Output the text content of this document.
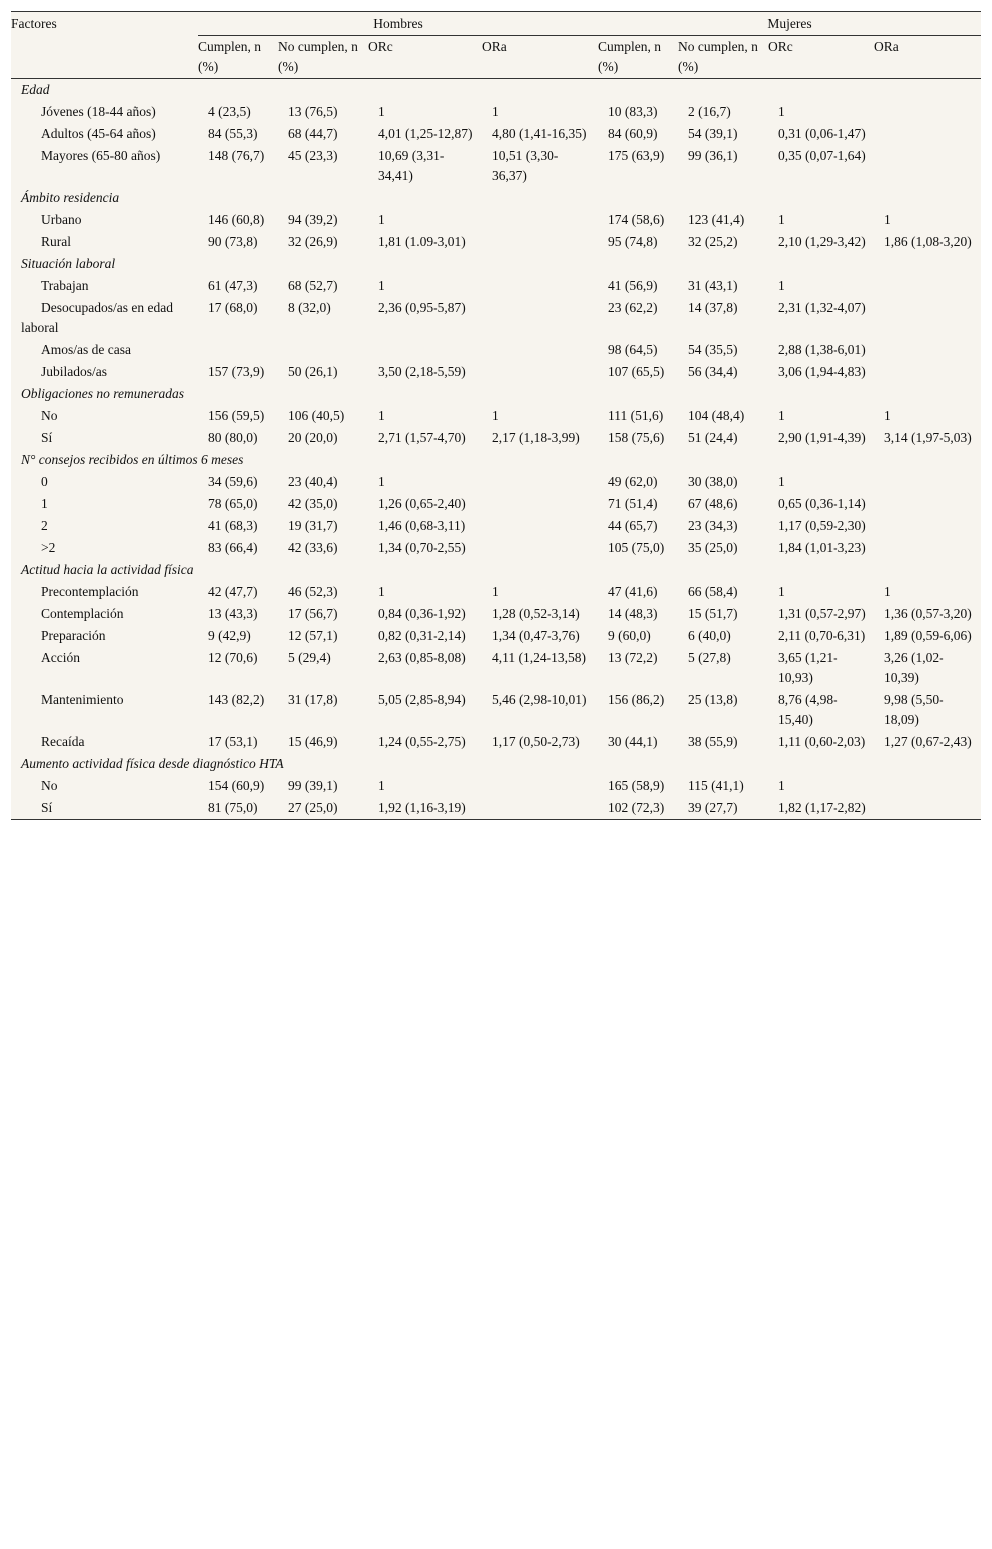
Factores	Hombres				Mujeres			
	Cumplen, n (%)	No cumplen, n (%)	ORc	ORa	Cumplen, n (%)	No cumplen, n (%)	ORc	ORa
Edad								

Jóvenes (18-44 años)	4 (23,5)	13 (76,5)	1	1	10 (83,3)	2 (16,7)	1	

Adultos (45-64 años)	84 (55,3)	68 (44,7)	4,01 (1,25-12,87)	4,80 (1,41-16,35)	84 (60,9)	54 (39,1)	0,31 (0,06-1,47)	

Mayores (65-80 años)	148 (76,7)	45 (23,3)	10,69 (3,31-34,41)	10,51 (3,30-36,37)	175 (63,9)	99 (36,1)	0,35 (0,07-1,64)	
Ámbito residencia								

Urbano	146 (60,8)	94 (39,2)	1		174 (58,6)	123 (41,4)	1	1

Rural	90 (73,8)	32 (26,9)	1,81 (1.09-3,01)		95 (74,8)	32 (25,2)	2,10 (1,29-3,42)	1,86 (1,08-3,20)
Situación laboral								

Trabajan	61 (47,3)	68 (52,7)	1		41 (56,9)	31 (43,1)	1	

Desocupados/as en edad laboral	17 (68,0)	8 (32,0)	2,36 (0,95-5,87)		23 (62,2)	14 (37,8)	2,31 (1,32-4,07)	

Amos/as de casa					98 (64,5)	54 (35,5)	2,88 (1,38-6,01)	

Jubilados/as	157 (73,9)	50 (26,1)	3,50 (2,18-5,59)		107 (65,5)	56 (34,4)	3,06 (1,94-4,83)	
Obligaciones no remuneradas								

No	156 (59,5)	106 (40,5)	1	1	111 (51,6)	104 (48,4)	1	1

Sí	80 (80,0)	20 (20,0)	2,71 (1,57-4,70)	2,17 (1,18-3,99)	158 (75,6)	51 (24,4)	2,90 (1,91-4,39)	3,14 (1,97-5,03)
N° consejos recibidos en últimos 6 meses								

0	34 (59,6)	23 (40,4)	1		49 (62,0)	30 (38,0)	1	

1	78 (65,0)	42 (35,0)	1,26 (0,65-2,40)		71 (51,4)	67 (48,6)	0,65 (0,36-1,14)	

2	41 (68,3)	19 (31,7)	1,46 (0,68-3,11)		44 (65,7)	23 (34,3)	1,17 (0,59-2,30)	

>2	83 (66,4)	42 (33,6)	1,34 (0,70-2,55)		105 (75,0)	35 (25,0)	1,84 (1,01-3,23)	
Actitud hacia la actividad física								

Precontemplación	42 (47,7)	46 (52,3)	1	1	47 (41,6)	66 (58,4)	1	1

Contemplación	13 (43,3)	17 (56,7)	0,84 (0,36-1,92)	1,28 (0,52-3,14)	14 (48,3)	15 (51,7)	1,31 (0,57-2,97)	1,36 (0,57-3,20)

Preparación	9 (42,9)	12 (57,1)	0,82 (0,31-2,14)	1,34 (0,47-3,76)	9 (60,0)	6 (40,0)	2,11 (0,70-6,31)	1,89 (0,59-6,06)

Acción	12 (70,6)	5 (29,4)	2,63 (0,85-8,08)	4,11 (1,24-13,58)	13 (72,2)	5 (27,8)	3,65 (1,21-10,93)	3,26 (1,02-10,39)

Mantenimiento	143 (82,2)	31 (17,8)	5,05 (2,85-8,94)	5,46 (2,98-10,01)	156 (86,2)	25 (13,8)	8,76 (4,98-15,40)	9,98 (5,50-18,09)

Recaída	17 (53,1)	15 (46,9)	1,24 (0,55-2,75)	1,17 (0,50-2,73)	30 (44,1)	38 (55,9)	1,11 (0,60-2,03)	1,27 (0,67-2,43)
Aumento actividad física desde diagnóstico HTA								

No	154 (60,9)	99 (39,1)	1		165 (58,9)	115 (41,1)	1	

Sí	81 (75,0)	27 (25,0)	1,92 (1,16-3,19)		102 (72,3)	39 (27,7)	1,82 (1,17-2,82)	
